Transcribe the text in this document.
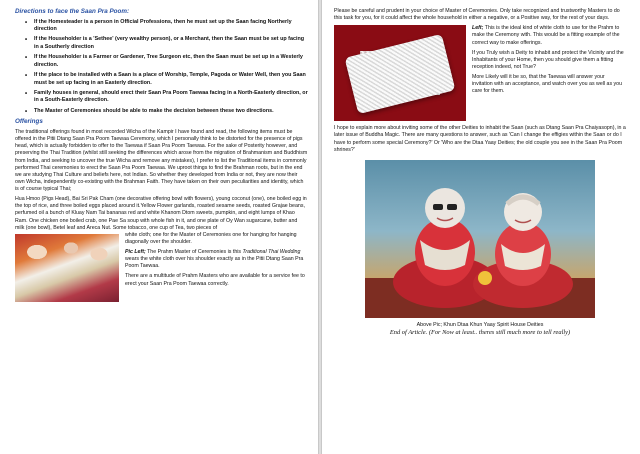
Directions to face the Saan Pra Poom:

• If the Homesteader is a person in Official Professions, then he must set up the Saan facing Northerly direction
• If the Householder is a 'Sethee' (very wealthy person), or a Merchant, then the Saan must be set up facing in a Southerly direction
• If the Householder is a Farmer or Gardener, Tree Surgeon etc, then the Saan must be set up in a Westerly direction.
• If the place to be installed with a Saan is a place of Worship, Temple, Pagoda or Water Well, then you Saan must be set up facing in an Easterly direction.
• Family houses in general, should erect their Saan Pra Poom Taewaa facing in a North-Easterly direction, or in a South-Easterly direction.
• The Master of Ceremonies should be able to make the decision between these two directions.

Offerings

The traditional offerings found in most recorded Wicha of the Kampir I have found and read, the following items must be offered in the Pitii Dtang Saan Pra Poom Taewaa Ceremony, which I personally think to be distorted for the presence of pigs head, which is actually forbidden to offer to the Taewaa if Saan Pra Poom Taewaa. For the sake of Posterity however, and preserving the Thai Tradition (whilst still seeking the differences which arose from the migration of Brahmanism and Buddhism from India, and seeking to uncover the true Wicha and remove any mistakes), I prefer to list the Traditional items in commonly performed Thai ceremonies to erect the Saan Pra Poom Taewaa. We uproot things to find the Brahman roots, but in the end we are studying Thai Culture and beliefs here, not Indian. So whether they developed from India or not, they are now their own Wicha, independently co-existing with the Brahman Faith. They have taken on their own peculiarities and identity, which is of course typical Thai;

Hua Hmoo (Pigs Head), Bai Sri Pak Cham (one decorative offering bowl with flowers), young coconut (one), one boiled egg in the top of rice, and three boiled eggs placed around it.Yellow Flower garlands, roasted sesame seeds, roasted Grajae beans, perfumed oil a bunch of Kluay Nam Tai bananas red and white Khanom Dtom sweets, pumpkin, and eight lumps of Khao Ram. One chicken one boiled crab, one Pae Sa soup with whole fish in it, and one plate of Oy Wan sugarcane, butter and milk (one bowl), Betel leaf and Areca Nut. Some tobacco, one cup of Tea, two pieces of

white cloth; one for the Master of Ceremonies one for hanging for hanging diagonally over the shoulder.

Pic Left; The Prahm Master of Ceremonies is this Traditional Thai Wedding wears the white cloth over his shoulder exactly as in the Pitii Dtang Saan Pra Poom Taewaa.

There are a multitude of Prahm Masters who are available for a service fee to erect your Saan Pra Poom Taewaa correctly.

Please be careful and prudent in your choice of Master of Ceremonies. Only take recognized and trustworthy Masters to do this task for you, for it could affect the whole household in either a negative, or a Positive way, for the rest of your days.

Left; This is the ideal kind of white cloth to use for the Prahm to make the Ceremony with. This would be a fitting example of the correct way to make offerings.

If you Truly wish a Deity to inhabit and protect the Vicinity and the Inhabitants of your Home, then you should give them a fitting reception indeed, not True?

More Likely will it be so, that the Taewaa will answer your invitation with an acceptance, and watch over you as well as you care for them.

I hope to explain more about inviting some of the other Deities to inhabit the Saan (such as Dtang Saan Pra Chaiyasopn), in a later issue of Buddha Magic. There are many questions to answer, such as 'Can I change the effigies within the Saan or do I have to perform some special Ceremony?' Or 'Who are the Dtaa Yaay Deities; the old couple you see in the Saan Pra Poom shrines?'

Above Pic; Khun Dtaa Khun Yaay Spirit House Deities

End of Article. (For Now at least.. theres still much more to tell really)
